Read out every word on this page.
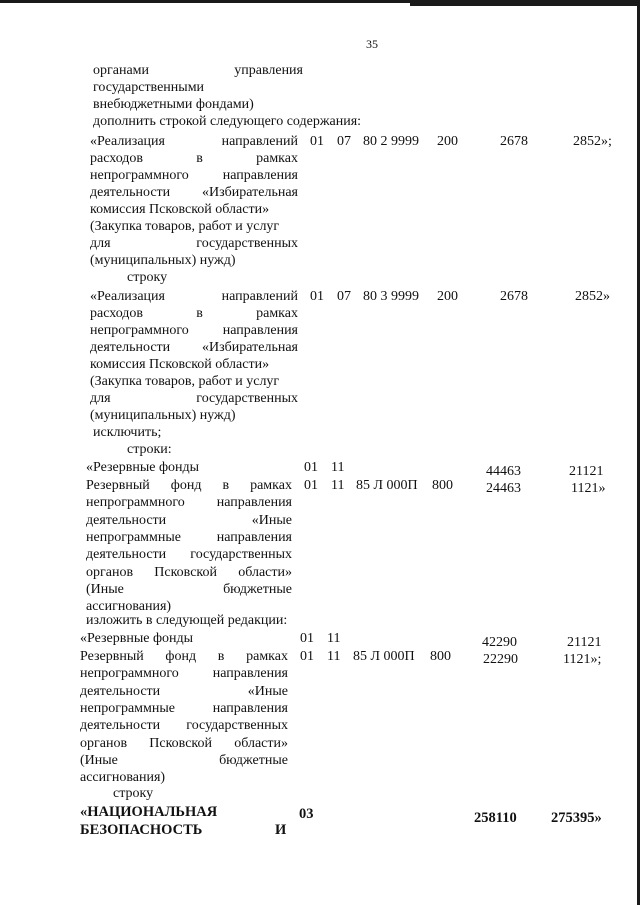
35
органами	управления
государственными
внебюджетными фондами)
дополнить строкой следующего содержания:
«Реализация	направлений
расходов	в	рамках
непрограммного направления
деятельности «Избирательная
комиссия Псковской области»
(Закупка товаров, работ и услуг
для	государственных
(муниципальных) нужд)
01 07 80 2 9999 200	2678	2852»;
строку
«Реализация	направлений
расходов	в	рамках
непрограммного направления
деятельности «Избирательная
комиссия Псковской области»
(Закупка товаров, работ и услуг
для	государственных
(муниципальных) нужд)
01 07 80 3 9999 200	2678	2852»
исключить;
строки:
«Резервные фонды	01 11	44463	21121
Резервный фонд в рамках
непрограммного направления
деятельности	«Иные
непрограммные	направления
деятельности государственных
органов Псковской области»
(Иные	бюджетные
ассигнования)
01 11 85 Л 000П 800 24463	1121»
изложить в следующей редакции:
«Резервные фонды	01 11	42290	21121
Резервный фонд в рамках
непрограммного направления
деятельности	«Иные
непрограммные	направления
деятельности государственных
органов Псковской области»
(Иные	бюджетные
ассигнования)
01 11 85 Л 000П 800 22290	1121»;
строку
«НАЦИОНАЛЬНАЯ
БЕЗОПАСНОСТЬ	И
03	258110 275395»
